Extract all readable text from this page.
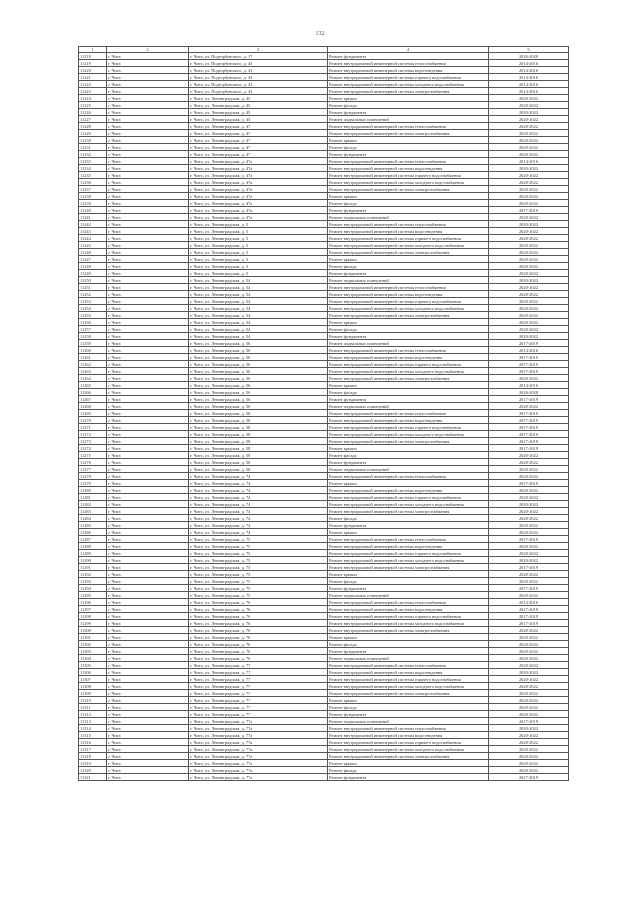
132
1	2	3	4	5
11218	г. Чита	г. Чита, ул. Подгорбунского, д. 17	Ремонт фундамента	2026-2028
11219	г. Чита	г. Чита, ул. Подгорбунского, д. 43	Ремонт внутридомовой инженерной системы теплоснабжения	2014-2016
11220	г. Чита	г. Чита, ул. Подгорбунского, д. 43	Ремонт внутридомовой инженерной системы водоотведения	2014-2016
11221	г. Чита	г. Чита, ул. Подгорбунского, д. 43	Ремонт внутридомовой инженерной системы горячего водоснабжения	2014-2016
11222	г. Чита	г. Чита, ул. Подгорбунского, д. 43	Ремонт внутридомовой инженерной системы холодного водоснабжения	2014-2016
11223	г. Чита	г. Чита, ул. Подгорбунского, д. 43	Ремонт внутридомовой инженерной системы электроснабжения	2014-2016
11224	г. Чита	г. Чита, ул. Ленинградская, д. 45	Ремонт крыши	2020-2022
11225	г. Чита	г. Чита, ул. Ленинградская, д. 45	Ремонт фасада	2020-2022
11226	г. Чита	г. Чита, ул. Ленинградская, д. 45	Ремонт фундамента	2020-2022
11227	г. Чита	г. Чита, ул. Ленинградская, д. 45	Ремонт подвальных помещений	2020-2022
11228	г. Чита	г. Чита, ул. Ленинградская, д. 47	Ремонт внутридомовой инженерной системы теплоснабжения	2020-2022
11229	г. Чита	г. Чита, ул. Ленинградская, д. 47	Ремонт внутридомовой инженерной системы электроснабжения	2020-2022
11230	г. Чита	г. Чита, ул. Ленинградская, д. 47	Ремонт крыши	2020-2022
11231	г. Чита	г. Чита, ул. Ленинградская, д. 47	Ремонт фасада	2020-2022
11232	г. Чита	г. Чита, ул. Ленинградская, д. 47	Ремонт фундамента	2020-2022
11233	г. Чита	г. Чита, ул. Ленинградская, д. 47а	Ремонт внутридомовой инженерной системы теплоснабжения	2014-2016
11234	г. Чита	г. Чита, ул. Ленинградская, д. 47а	Ремонт внутридомовой инженерной системы водоотведения	2020-2022
11235	г. Чита	г. Чита, ул. Ленинградская, д. 47а	Ремонт внутридомовой инженерной системы горячего водоснабжения	2020-2022
11236	г. Чита	г. Чита, ул. Ленинградская, д. 47а	Ремонт внутридомовой инженерной системы холодного водоснабжения	2020-2022
11237	г. Чита	г. Чита, ул. Ленинградская, д. 47а	Ремонт внутридомовой инженерной системы электроснабжения	2020-2022
11238	г. Чита	г. Чита, ул. Ленинградская, д. 47а	Ремонт крыши	2020-2022
11239	г. Чита	г. Чита, ул. Ленинградская, д. 47а	Ремонт фасада	2020-2022
11240	г. Чита	г. Чита, ул. Ленинградская, д. 47а	Ремонт фундамента	2017-2019
11241	г. Чита	г. Чита, ул. Ленинградская, д. 47а	Ремонт подвальных помещений	2020-2022
11242	г. Чита	г. Чита, ул. Ленинградская, д. 5	Ремонт внутридомовой инженерной системы теплоснабжения	2020-2022
11243	г. Чита	г. Чита, ул. Ленинградская, д. 5	Ремонт внутридомовой инженерной системы водоотведения	2020-2022
11244	г. Чита	г. Чита, ул. Ленинградская, д. 5	Ремонт внутридомовой инженерной системы горячего водоснабжения	2020-2022
11245	г. Чита	г. Чита, ул. Ленинградская, д. 5	Ремонт внутридомовой инженерной системы холодного водоснабжения	2020-2022
11246	г. Чита	г. Чита, ул. Ленинградская, д. 5	Ремонт внутридомовой инженерной системы электроснабжения	2020-2022
11247	г. Чита	г. Чита, ул. Ленинградская, д. 5	Ремонт крыши	2020-2022
11248	г. Чита	г. Чита, ул. Ленинградская, д. 5	Ремонт фасада	2020-2022
11249	г. Чита	г. Чита, ул. Ленинградская, д. 5	Ремонт фундамента	2020-2022
11250	г. Чита	г. Чита, ул. Ленинградская, д. 54	Ремонт подвальных помещений	2020-2022
11251	г. Чита	г. Чита, ул. Ленинградская, д. 54	Ремонт внутридомовой инженерной системы теплоснабжения	2020-2022
11252	г. Чита	г. Чита, ул. Ленинградская, д. 54	Ремонт внутридомовой инженерной системы водоотведения	2020-2022
11253	г. Чита	г. Чита, ул. Ленинградская, д. 54	Ремонт внутридомовой инженерной системы горячего водоснабжения	2020-2022
11254	г. Чита	г. Чита, ул. Ленинградская, д. 54	Ремонт внутридомовой инженерной системы холодного водоснабжения	2020-2022
11255	г. Чита	г. Чита, ул. Ленинградская, д. 54	Ремонт внутридомовой инженерной системы электроснабжения	2020-2022
11256	г. Чита	г. Чита, ул. Ленинградская, д. 54	Ремонт крыши	2020-2022
11257	г. Чита	г. Чита, ул. Ленинградская, д. 54	Ремонт фасада	2020-2022
11258	г. Чита	г. Чита, ул. Ленинградская, д. 54	Ремонт фундамента	2020-2022
11259	г. Чита	г. Чита, ул. Ленинградская, д. 56	Ремонт подвальных помещений	2017-2019
11260	г. Чита	г. Чита, ул. Ленинградская, д. 56	Ремонт внутридомовой инженерной системы теплоснабжения	2014-2016
11261	г. Чита	г. Чита, ул. Ленинградская, д. 56	Ремонт внутридомовой инженерной системы водоотведения	2017-2019
11262	г. Чита	г. Чита, ул. Ленинградская, д. 56	Ремонт внутридомовой инженерной системы горячего водоснабжения	2017-2019
11263	г. Чита	г. Чита, ул. Ленинградская, д. 56	Ремонт внутридомовой инженерной системы холодного водоснабжения	2017-2019
11264	г. Чита	г. Чита, ул. Ленинградская, д. 56	Ремонт внутридомовой инженерной системы электроснабжения	2020-2022
11265	г. Чита	г. Чита, ул. Ленинградская, д. 56	Ремонт крыши	2014-2016
11266	г. Чита	г. Чита, ул. Ленинградская, д. 56	Ремонт фасада	2026-2028
11267	г. Чита	г. Чита, ул. Ленинградская, д. 56	Ремонт фундамента	2017-2019
11268	г. Чита	г. Чита, ул. Ленинградская, д. 56	Ремонт подвальных помещений	2020-2022
11269	г. Чита	г. Чита, ул. Ленинградская, д. 58	Ремонт внутридомовой инженерной системы теплоснабжения	2017-2019
11270	г. Чита	г. Чита, ул. Ленинградская, д. 58	Ремонт внутридомовой инженерной системы водоотведения	2017-2019
11271	г. Чита	г. Чита, ул. Ленинградская, д. 58	Ремонт внутридомовой инженерной системы горячего водоснабжения	2017-2019
11272	г. Чита	г. Чита, ул. Ленинградская, д. 58	Ремонт внутридомовой инженерной системы холодного водоснабжения	2017-2019
11273	г. Чита	г. Чита, ул. Ленинградская, д. 58	Ремонт внутридомовой инженерной системы электроснабжения	2017-2019
11274	г. Чита	г. Чита, ул. Ленинградская, д. 58	Ремонт крыши	2017-2019
11275	г. Чита	г. Чита, ул. Ленинградская, д. 58	Ремонт фасада	2020-2022
11276	г. Чита	г. Чита, ул. Ленинградская, д. 58	Ремонт фундамента	2020-2022
11277	г. Чита	г. Чита, ул. Ленинградская, д. 58	Ремонт подвальных помещений	2020-2022
11278	г. Чита	г. Чита, ул. Ленинградская, д. 74	Ремонт внутридомовой инженерной системы теплоснабжения	2020-2022
11279	г. Чита	г. Чита, ул. Ленинградская, д. 74	Ремонт крыши	2017-2019
11280	г. Чита	г. Чита, ул. Ленинградская, д. 74	Ремонт внутридомовой инженерной системы водоотведения	2020-2022
11281	г. Чита	г. Чита, ул. Ленинградская, д. 74	Ремонт внутридомовой инженерной системы горячего водоснабжения	2020-2022
11282	г. Чита	г. Чита, ул. Ленинградская, д. 74	Ремонт внутридомовой инженерной системы холодного водоснабжения	2020-2022
11283	г. Чита	г. Чита, ул. Ленинградская, д. 74	Ремонт внутридомовой инженерной системы электроснабжения	2020-2022
11284	г. Чита	г. Чита, ул. Ленинградская, д. 74	Ремонт фасада	2020-2022
11285	г. Чита	г. Чита, ул. Ленинградская, д. 74	Ремонт фундамента	2020-2022
11286	г. Чита	г. Чита, ул. Ленинградская, д. 74	Ремонт крыши	2020-2022
11287	г. Чита	г. Чита, ул. Ленинградская, д. 75	Ремонт внутридомовой инженерной системы теплоснабжения	2017-2019
11288	г. Чита	г. Чита, ул. Ленинградская, д. 75	Ремонт внутридомовой инженерной системы водоотведения	2020-2022
11289	г. Чита	г. Чита, ул. Ленинградская, д. 75	Ремонт внутридомовой инженерной системы горячего водоснабжения	2020-2022
11290	г. Чита	г. Чита, ул. Ленинградская, д. 75	Ремонт внутридомовой инженерной системы холодного водоснабжения	2020-2022
11291	г. Чита	г. Чита, ул. Ленинградская, д. 75	Ремонт внутридомовой инженерной системы электроснабжения	2017-2019
11292	г. Чита	г. Чита, ул. Ленинградская, д. 75	Ремонт крыши	2020-2022
11293	г. Чита	г. Чита, ул. Ленинградская, д. 75	Ремонт фасада	2020-2022
11294	г. Чита	г. Чита, ул. Ленинградская, д. 75	Ремонт фундамента	2017-2019
11295	г. Чита	г. Чита, ул. Ленинградская, д. 75	Ремонт подвальных помещений	2020-2022
11296	г. Чита	г. Чита, ул. Ленинградская, д. 76	Ремонт внутридомовой инженерной системы теплоснабжения	2014-2016
11297	г. Чита	г. Чита, ул. Ленинградская, д. 76	Ремонт внутридомовой инженерной системы водоотведения	2017-2019
11298	г. Чита	г. Чита, ул. Ленинградская, д. 76	Ремонт внутридомовой инженерной системы горячего водоснабжения	2017-2019
11299	г. Чита	г. Чита, ул. Ленинградская, д. 76	Ремонт внутридомовой инженерной системы холодного водоснабжения	2017-2019
11300	г. Чита	г. Чита, ул. Ленинградская, д. 76	Ремонт внутридомовой инженерной системы электроснабжения	2020-2022
11301	г. Чита	г. Чита, ул. Ленинградская, д. 76	Ремонт крыши	2020-2022
11302	г. Чита	г. Чита, ул. Ленинградская, д. 76	Ремонт фасада	2020-2022
11303	г. Чита	г. Чита, ул. Ленинградская, д. 76	Ремонт фундамента	2020-2022
11304	г. Чита	г. Чита, ул. Ленинградская, д. 76	Ремонт подвальных помещений	2020-2022
11305	г. Чита	г. Чита, ул. Ленинградская, д. 77	Ремонт внутридомовой инженерной системы теплоснабжения	2020-2022
11306	г. Чита	г. Чита, ул. Ленинградская, д. 77	Ремонт внутридомовой инженерной системы водоотведения	2020-2022
11307	г. Чита	г. Чита, ул. Ленинградская, д. 77	Ремонт внутридомовой инженерной системы горячего водоснабжения	2020-2022
11308	г. Чита	г. Чита, ул. Ленинградская, д. 77	Ремонт внутридомовой инженерной системы холодного водоснабжения	2020-2022
11309	г. Чита	г. Чита, ул. Ленинградская, д. 77	Ремонт внутридомовой инженерной системы электроснабжения	2020-2022
11310	г. Чита	г. Чита, ул. Ленинградская, д. 77	Ремонт крыши	2020-2022
11311	г. Чита	г. Чита, ул. Ленинградская, д. 77	Ремонт фасада	2020-2022
11312	г. Чита	г. Чита, ул. Ленинградская, д. 77	Ремонт фундамента	2020-2022
11313	г. Чита	г. Чита, ул. Ленинградская, д. 77а	Ремонт подвальных помещений	2017-2019
11314	г. Чита	г. Чита, ул. Ленинградская, д. 77а	Ремонт внутридомовой инженерной системы теплоснабжения	2020-2022
11315	г. Чита	г. Чита, ул. Ленинградская, д. 77а	Ремонт внутридомовой инженерной системы водоотведения	2020-2022
11316	г. Чита	г. Чита, ул. Ленинградская, д. 77а	Ремонт внутридомовой инженерной системы горячего водоснабжения	2020-2022
11317	г. Чита	г. Чита, ул. Ленинградская, д. 77а	Ремонт внутридомовой инженерной системы холодного водоснабжения	2020-2022
11318	г. Чита	г. Чита, ул. Ленинградская, д. 77а	Ремонт внутридомовой инженерной системы электроснабжения	2020-2022
11319	г. Чита	г. Чита, ул. Ленинградская, д. 77а	Ремонт крыши	2020-2022
11320	г. Чита	г. Чита, ул. Ленинградская, д. 77а	Ремонт фасада	2020-2022
11321	г. Чита	г. Чита, ул. Ленинградская, д. 77а	Ремонт фундамента	2017-2019
